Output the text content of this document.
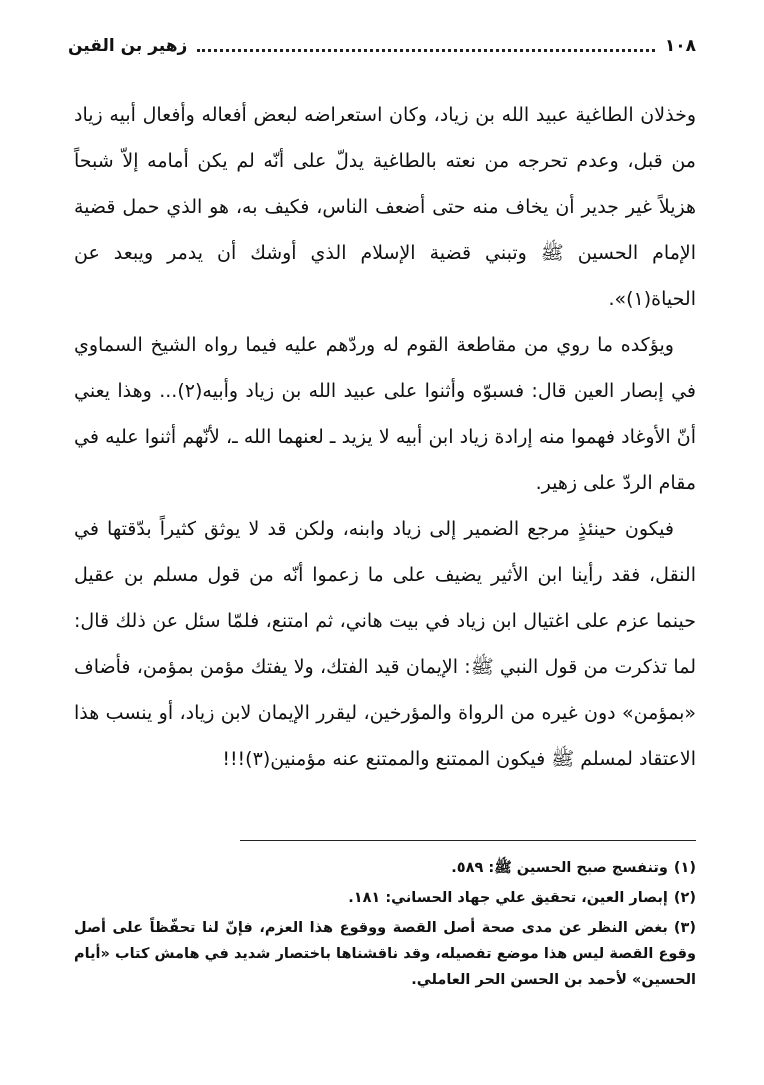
١٠٨
زهير بن القين

وخذلان الطاغية عبيد الله بن زياد، وكان استعراضه لبعض أفعاله وأفعال أبيه زياد من قبل، وعدم تحرجه من نعته بالطاغية يدلّ على أنّه لم يكن أمامه إلاّ شبحاً هزيلاً غير جدير أن يخاف منه حتى أضعف الناس، فكيف به، هو الذي حمل قضية الإمام الحسين ﷺ وتبني قضية الإسلام الذي أوشك أن يدمر ويبعد عن الحياة(١)».

ويؤكده ما روي من مقاطعة القوم له وردّهم عليه فيما رواه الشيخ السماوي في إبصار العين قال: فسبوّه وأثنوا على عبيد الله بن زياد وأبيه(٢)... وهذا يعني أنّ الأوغاد فهموا منه إرادة زياد ابن أبيه لا يزيد ـ لعنهما الله ـ، لأنّهم أثنوا عليه في مقام الردّ على زهير.

فيكون حينئذٍ مرجع الضمير إلى زياد وابنه، ولكن قد لا يوثق كثيراً بدّقتها في النقل، فقد رأينا ابن الأثير يضيف على ما زعموا أنّه من قول مسلم بن عقيل حينما عزم على اغتيال ابن زياد في بيت هاني، ثم امتنع، فلمّا سئل عن ذلك قال: لما تذكرت من قول النبي ﷺ: الإيمان قيد الفتك، ولا يفتك مؤمن بمؤمن، فأضاف «بمؤمن» دون غيره من الرواة والمؤرخين، ليقرر الإيمان لابن زياد، أو ينسب هذا الاعتقاد لمسلم ﷺ فيكون الممتنع والممتنع عنه مؤمنين(٣)!!!

(١)وتنفسج صبح الحسين ﷺ: ٥٨٩.

(٢)إبصار العين، تحقيق علي جهاد الحساني: ١٨١.

(٣)بغض النظر عن مدى صحة أصل القصة ووقوع هذا العزم، فإنّ لنا تحفّظاً على أصل وقوع القصة ليس هذا موضع تفصيله، وقد ناقشناها باختصار شديد في هامش كتاب «أيام الحسين» لأحمد بن الحسن الحر العاملي.
